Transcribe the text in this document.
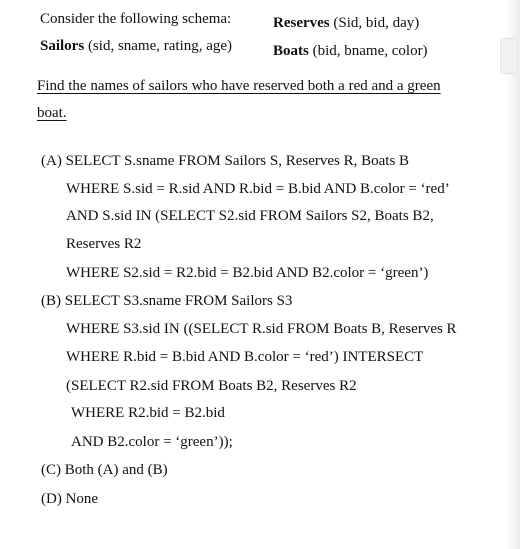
Consider the following schema:
Sailors (sid, sname, rating, age)
Reserves (Sid, bid, day)
Boats (bid, bname, color)
Find the names of sailors who have reserved both a red and a green
boat.
(A) SELECT S.sname FROM Sailors S, Reserves R, Boats B
WHERE S.sid = R.sid AND R.bid = B.bid AND B.color = ‘red’
AND S.sid IN (SELECT S2.sid FROM Sailors S2, Boats B2,
Reserves R2
WHERE S2.sid = R2.bid = B2.bid AND B2.color = ‘green’)
(B) SELECT S3.sname FROM Sailors S3
WHERE S3.sid IN ((SELECT R.sid FROM Boats B, Reserves R
WHERE R.bid = B.bid AND B.color = ‘red’) INTERSECT
(SELECT R2.sid FROM Boats B2, Reserves R2
WHERE R2.bid = B2.bid
AND B2.color = ‘green’));
(C) Both (A) and (B)
(D) None
